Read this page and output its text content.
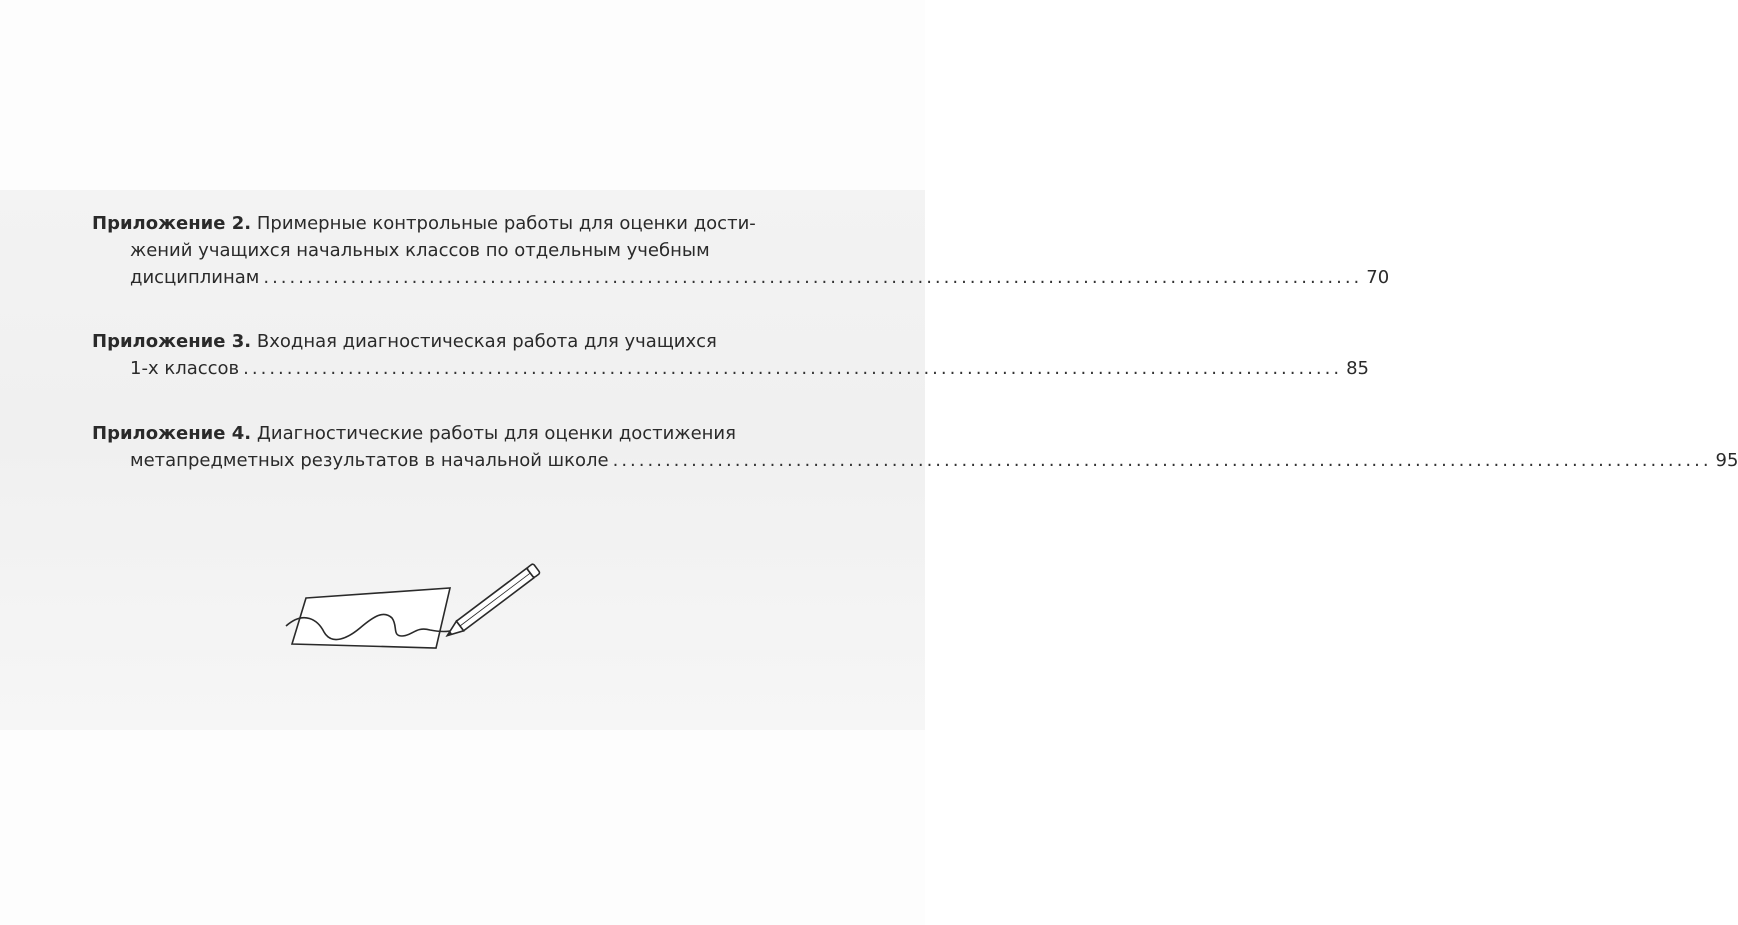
Приложение 2. Примерные контрольные работы для оценки дости-
жений учащихся начальных классов по отдельным учебным
дисциплинам .............................................................................................................................. 70
Приложение 3. Входная диагностическая работа для учащихся
1-х классов .............................................................................................................................. 85
Приложение 4. Диагностические работы для оценки достижения
метапредметных результатов в начальной школе .............................................................................................................................. 95
